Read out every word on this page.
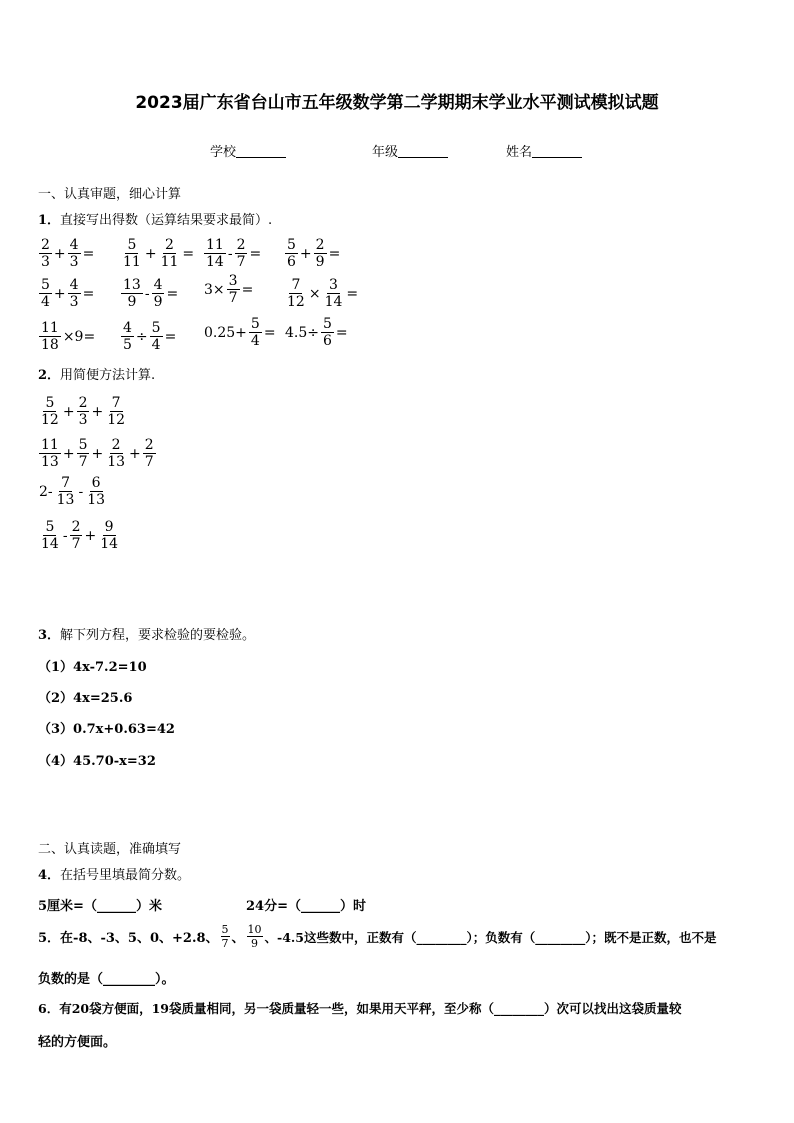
2023届广东省台山市五年级数学第二学期期末学业水平测试模拟试题
学校	年级	姓名
一、认真审题，细心计算
1．直接写出得数（运算结果要求最简）.
$\frac{2}{3} + \frac{4}{3} = \frac{5}{11} + \frac{2}{11} = \frac{11}{14} - \frac{2}{7} = \frac{5}{6} + \frac{2}{9}$ =
$\frac{5}{4} + \frac{4}{3} = \frac{13}{9} - \frac{4}{9} = 3\times \frac{3}{7} = \frac{7}{12} \times \frac{3}{14}$ =
$\frac{11}{18} \times 9= \frac{4}{5} \div \frac{5}{4} = 0.25+ \frac{5}{4} = 4.5\div \frac{5}{6}$ =
2．用简便方法计算.
$\frac{5}{12} + \frac{2}{3} + \frac{7}{12}$
$\frac{11}{13} + \frac{5}{7} + \frac{2}{13} + \frac{2}{7}$
$2- \frac{7}{13} - \frac{6}{13}$
$\frac{5}{14} - \frac{2}{7} + \frac{9}{14}$
3．解下列方程，要求检验的要检验。
（1）4x-7.2=10
（2）4x=25.6
（3）0.7x+0.63=42
（4）45.70-x=32
二、认真读题，准确填写
4．在括号里填最简分数。
5厘米=（______）米	24分=（______）时
5． 在-8、-3、5、0、+2.8、 $\frac{5}{7}$ 、 $\frac{10}{9}$ 、-4.5这些数中，正数有（________）；负数有（________）；既不是正数，也不是
负数的是（________）。
6．有20袋方便面，19袋质量相同，另一袋质量轻一些，如果用天平秤，至少称（________）次可以找出这袋质量较
轻的方便面。
